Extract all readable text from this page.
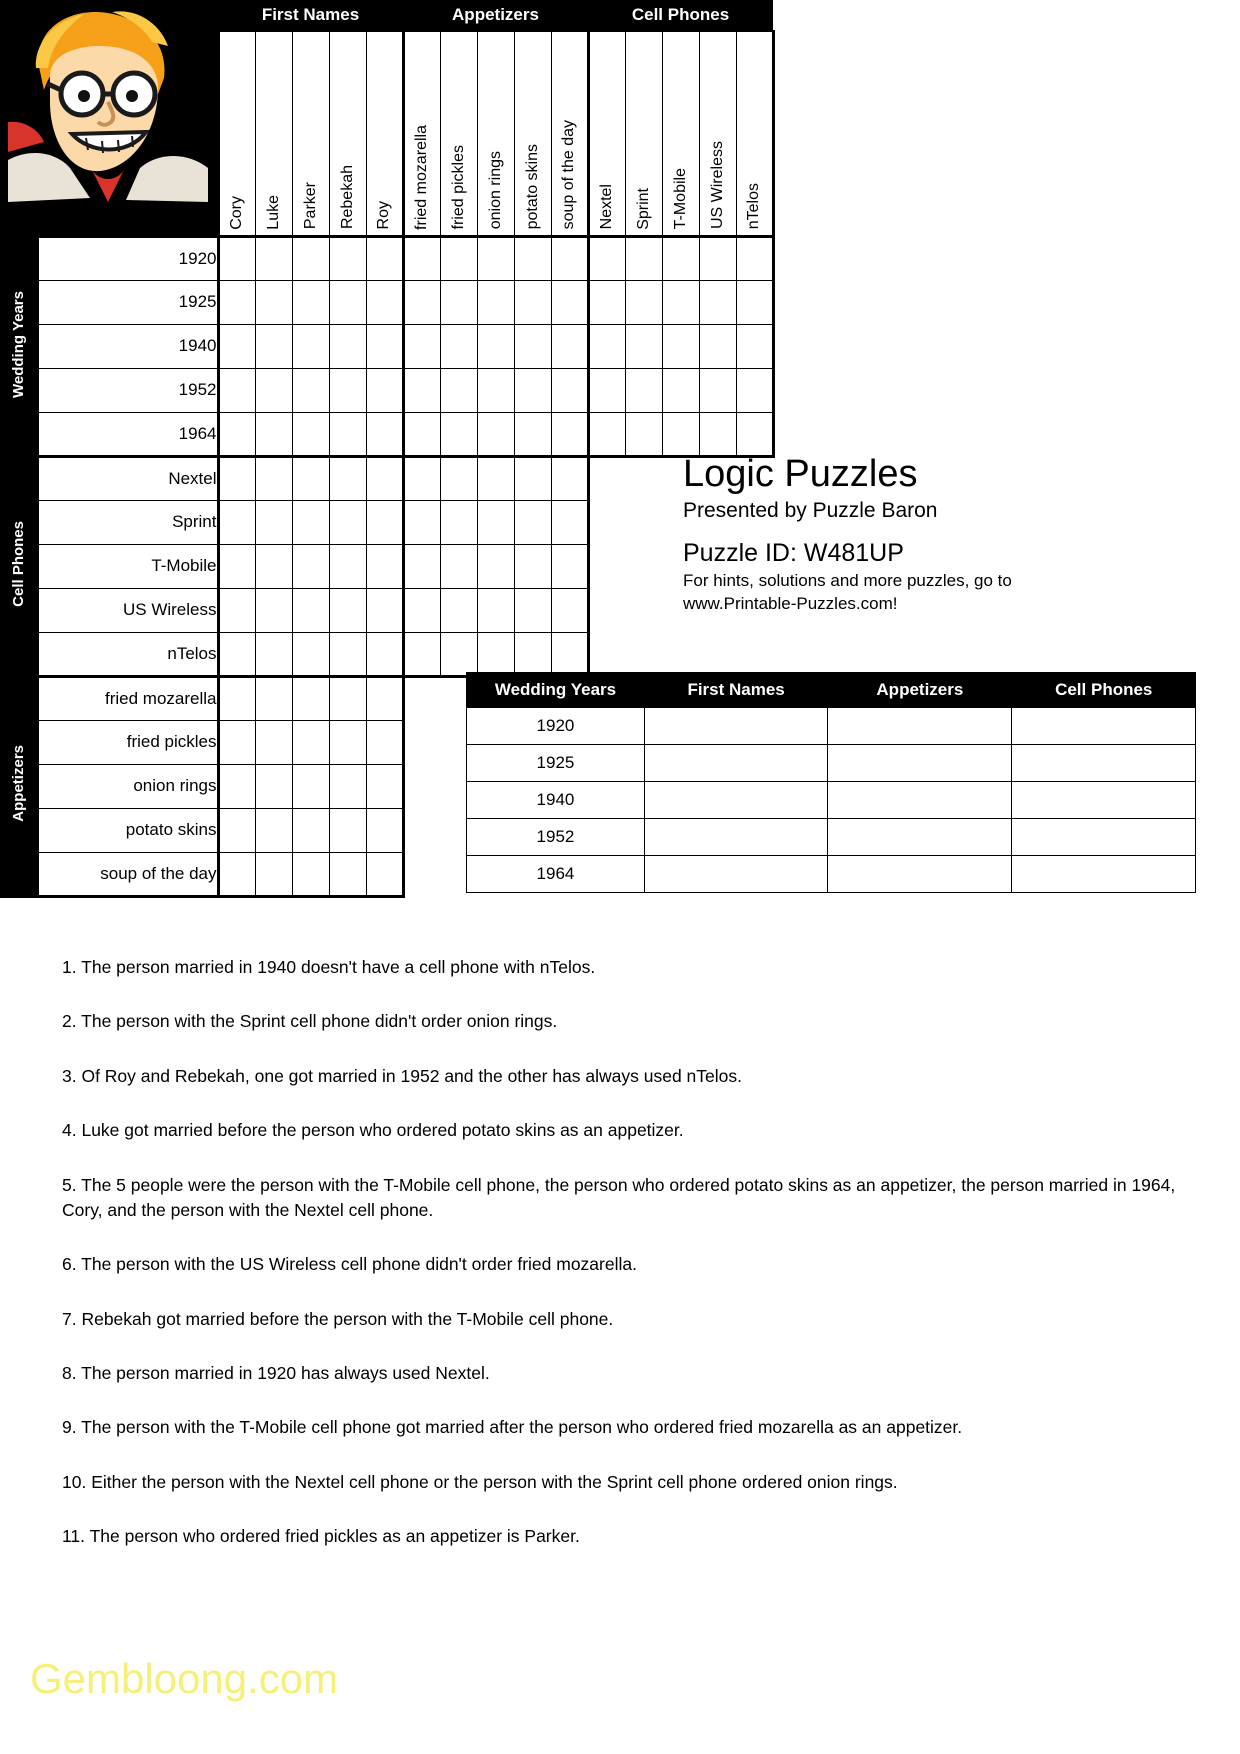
		First Names					Appetizers					Cell Phones				
		Cory	Luke	Parker	Rebekah	Roy	fried mozarella	fried pickles	onion rings	potato skins	soup of the day	Nextel	Sprint	T-Mobile	US Wireless	nTelos
Wedding Years	1920															
	1925															
	1940															
	1952															
	1964															
Cell Phones	Nextel															
	Sprint															
	T-Mobile															
	US Wireless															
	nTelos															
Appetizers	fried mozarella															
	fried pickles															
	onion rings															
	potato skins															
	soup of the day															
Logic Puzzles
Presented by Puzzle Baron
Puzzle ID: W481UP
For hints, solutions and more puzzles, go to www.Printable-Puzzles.com!
Wedding Years	First Names	Appetizers	Cell Phones
1920			
1925			
1940			
1952			
1964			

1. The person married in 1940 doesn't have a cell phone with nTelos.

2. The person with the Sprint cell phone didn't order onion rings.

3. Of Roy and Rebekah, one got married in 1952 and the other has always used nTelos.

4. Luke got married before the person who ordered potato skins as an appetizer.

5. The 5 people were the person with the T-Mobile cell phone, the person who ordered potato skins as an appetizer, the person married in 1964, Cory, and the person with the Nextel cell phone.

6. The person with the US Wireless cell phone didn't order fried mozarella.

7. Rebekah got married before the person with the T-Mobile cell phone.

8. The person married in 1920 has always used Nextel.

9. The person with the T-Mobile cell phone got married after the person who ordered fried mozarella as an appetizer.

10. Either the person with the Nextel cell phone or the person with the Sprint cell phone ordered onion rings.

11. The person who ordered fried pickles as an appetizer is Parker.

Gembloong.com
